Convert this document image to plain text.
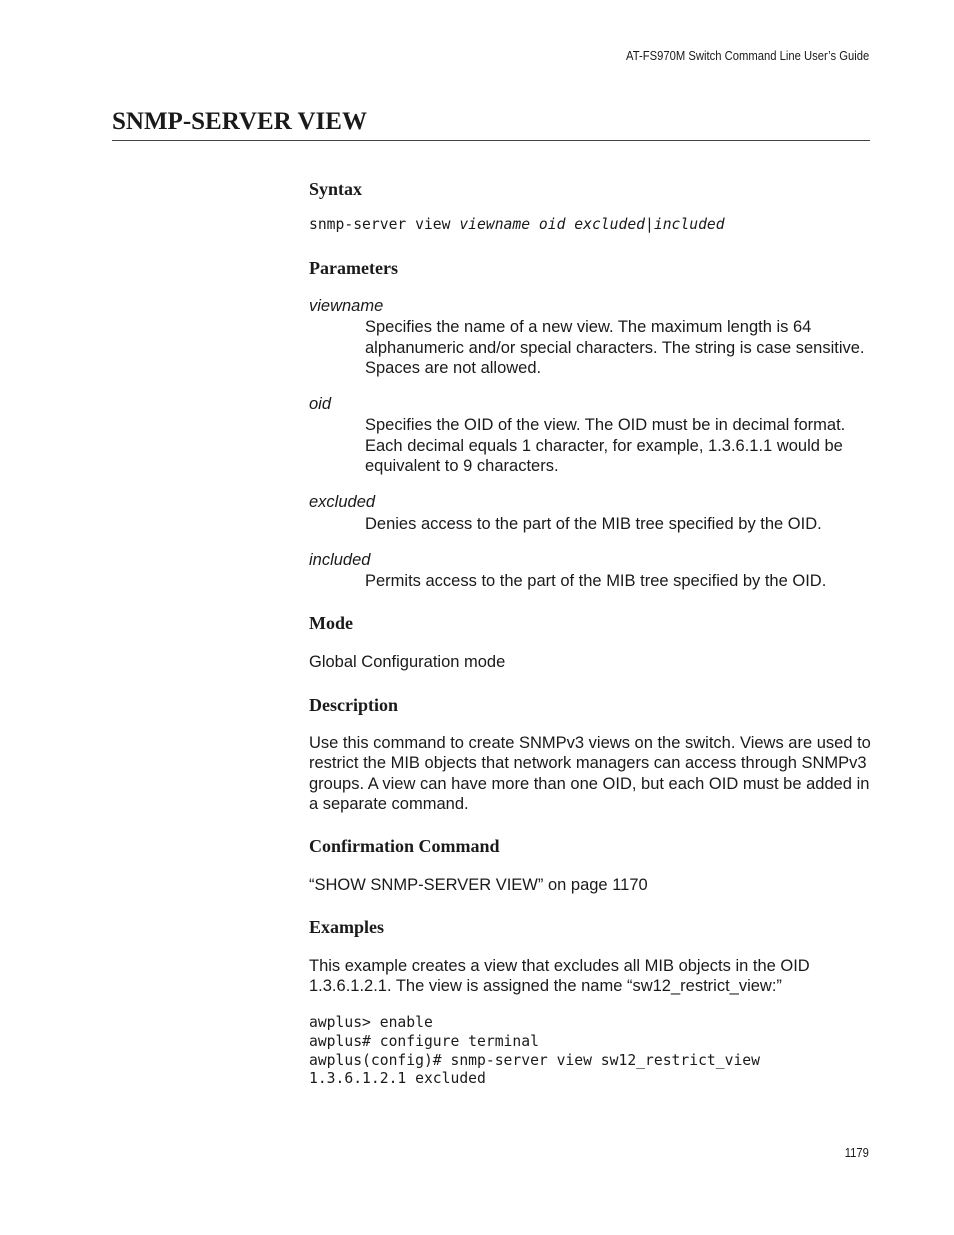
AT-FS970M Switch Command Line User’s Guide
SNMP-SERVER VIEW
Syntax

snmp-server view viewname oid excluded|included

Parameters

viewname

Specifies the name of a new view. The maximum length is 64 alphanumeric and/or special characters. The string is case sensitive. Spaces are not allowed.

oid

Specifies the OID of the view. The OID must be in decimal format. Each decimal equals 1 character, for example, 1.3.6.1.1 would be equivalent to 9 characters.

excluded

Denies access to the part of the MIB tree specified by the OID.

included

Permits access to the part of the MIB tree specified by the OID.

Mode

Global Configuration mode

Description

Use this command to create SNMPv3 views on the switch. Views are used to restrict the MIB objects that network managers can access through SNMPv3 groups. A view can have more than one OID, but each OID must be added in a separate command.

Confirmation Command

“SHOW SNMP-SERVER VIEW” on page 1170

Examples

This example creates a view that excludes all MIB objects in the OID 1.3.6.1.2.1. The view is assigned the name “sw12_restrict_view:”

awplus> enable
awplus# configure terminal
awplus(config)# snmp-server view sw12_restrict_view
1.3.6.1.2.1 excluded
1179
